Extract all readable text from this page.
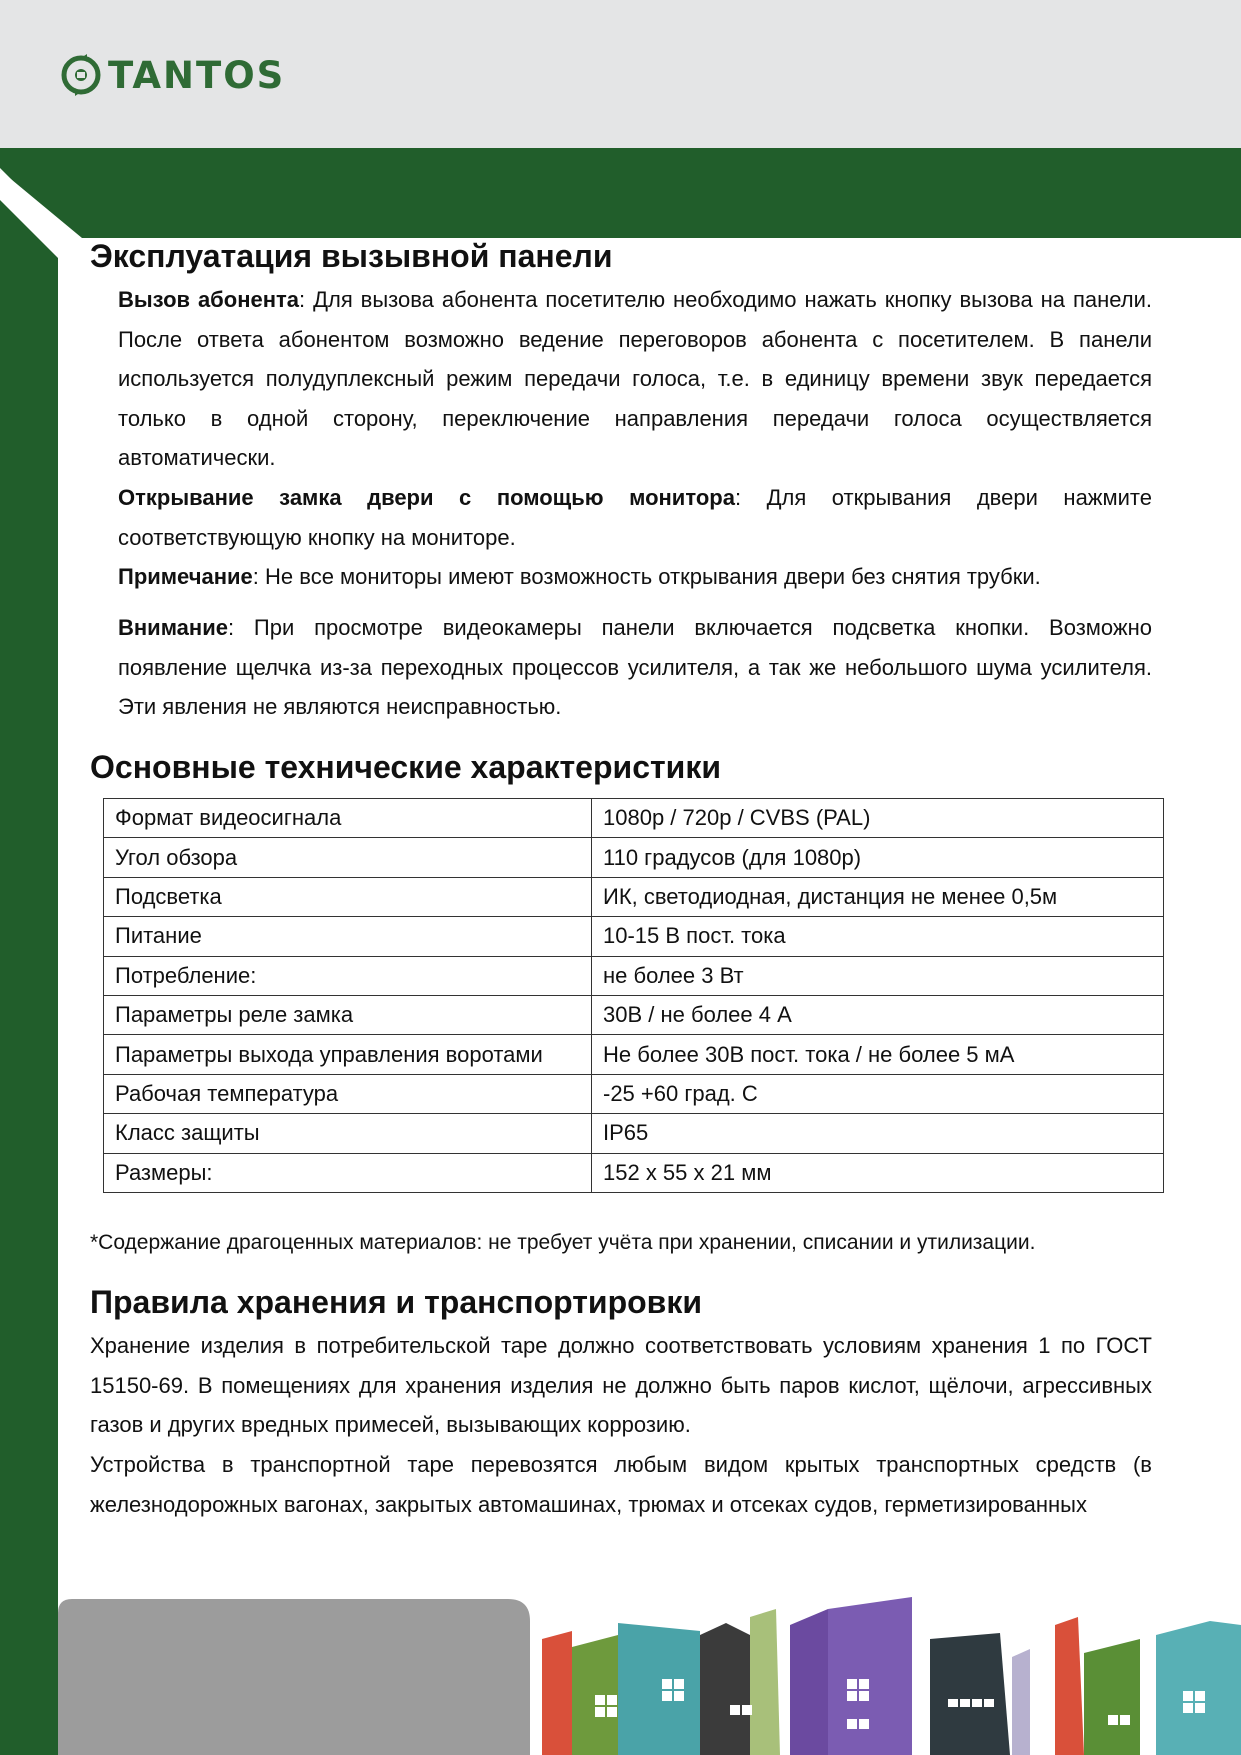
TANTOS
Эксплуатация вызывной панели

Вызов абонента: Для вызова абонента посетителю необходимо нажать кнопку вызова на панели. После ответа абонентом возможно ведение переговоров абонента с посетителем. В панели используется полудуплексный режим передачи голоса, т.е. в единицу времени звук передается только в одной сторону, переключение направления передачи голоса осуществляется автоматически.

Открывание замка двери с помощью монитора: Для открывания двери нажмите соответствующую кнопку на мониторе.

Примечание: Не все мониторы имеют возможность открывания двери без снятия трубки.

Внимание: При просмотре видеокамеры панели включается подсветка кнопки. Возможно появление щелчка из-за переходных процессов усилителя, а так же небольшого шума усилителя. Эти явления не являются неисправностью.

Основные технические характеристики
Формат видеосигнала	1080р / 720р / CVBS (PAL)
Угол обзора	110 градусов (для 1080р)
Подсветка	ИК, светодиодная, дистанция не менее 0,5м
Питание	10-15 В пост. тока
Потребление:	не более 3 Вт
Параметры реле замка	30В / не более 4 А
Параметры выхода управления воротами	Не более 30В пост. тока / не более 5 мА
Рабочая температура	-25 +60 град. С
Класс защиты	IP65
Размеры:	152 х 55 х 21 мм

*Содержание драгоценных материалов: не требует учёта при хранении, списании и утилизации.

Правила хранения и транспортировки

Хранение изделия в потребительской таре должно соответствовать условиям хранения 1 по ГОСТ 15150-69. В помещениях для хранения изделия не должно быть паров кислот, щёлочи, агрессивных газов и других вредных примесей, вызывающих коррозию.

Устройства в транспортной таре перевозятся любым видом крытых транспортных средств (в железнодорожных вагонах, закрытых автомашинах, трюмах и отсеках судов, герметизированных
